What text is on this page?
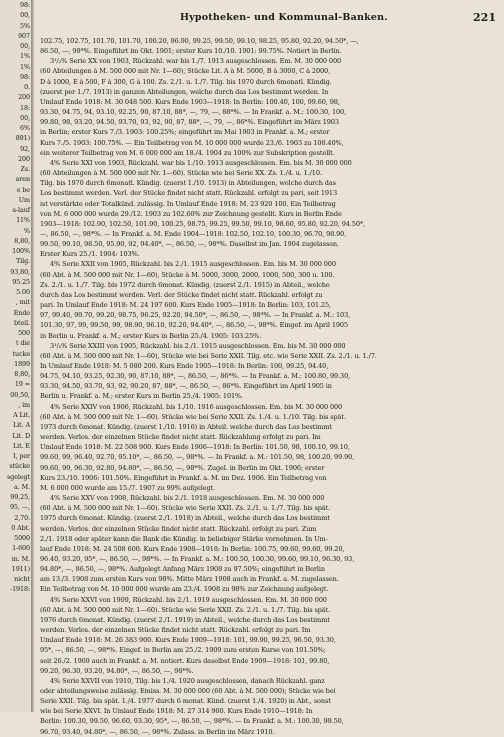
98:
00,
5%
907
00,
1%
1%
98:
0.
200
18:
00,
6%
891)
92,
200
Zs.
aren
e be
Um
a-lauf
11%
%
8,80,
100%
Tilg.
93,80,
95.25
5.00
, mit
Ende
bteil.
500
t die
tucke
1899
8,80,
19 =
00,50,
, im
A Lit.
Lit. A
Lit. D
Lit. E
I, per
stücke
sgelegt
a. M.
99,25,
95, —,
2,70.
0 Abt.
5000
1-600
m. M.
1911)
nicht
-1918:
Hypotheken- und Kommunal-Banken.	221
102.75, 102.75, 101.70, 101.70, 100.20, 96.90, 99.25, 99.50, 99.10, 98.25, 95.80, 92.20, 94.50*, —,
86.50, —, 98*%. Eingeführt im Okt. 1901; erster Kurs 10./10. 1901: 99.75%. Notiert in Berlin.
3¹/₂% Serie XX von 1903, Rückzahl. war bis 1./7. 1913 ausgeschlossen. Em. M. 30 000 000
(60 Abteilungen à M. 500 000 mit Nr. 1—60), Stücke Lit. A à M. 5000, B à 3000, C à 2000,
D à 1000, E à 500, F à 300, G à 100. Zs. 2./1. u. 1./7. Tilg. bis 1970 durch 6monatl. Kündig.
(zuerst per 1./7. 1913) in ganzen Abteilungen, welche durch das Los bestimmt werden. In
Umlauf Ende 1918: M. 30 048 500. Kurs Ende 1903—1918: In Berlin: 100.40, 100, 99.60, 98,
93.30, 94.75, 94, 93.10, 92.25, 90, 87.10, 88*, —, 79, —, 88*%. — In Frankf. a. M.: 100.30, 100,
99.80, 98, 93.20, 94.50, 93.70, 93, 92, 90, 87, 88*, —, 79, —, 86*%. Eingeführt im März 1903
in Berlin; erster Kurs 7./3. 1903: 100.25%; eingeführt im Mai 1903 in Frankf. a. M.; erster
Kurs 7./5. 1903: 100.75%. — Ein Teilbetrag von M. 10 000 000 wurde 23./6. 1903 zu 100.40%,
ein weiterer Teilbetrag von M. 6 000 000 am 18./4. 1904 zu 100% zur Subskription gestellt.
4% Serie XXI von 1903, Rückzahl. war bis 1./10. 1913 ausgeschlossen. Em. bis M. 30 000 000
(60 Abteilungen à M. 500 000 mit Nr. 1—60). Stücke wie bei Serie XX. Zs. 1./4. u. 1./10.
Tilg. bis 1970 durch 6monatl. Kündig. (zuerst 1./10. 1913) in Abteilungen, welche durch das
Los bestimmt werden. Verl. der Stücke findet nicht statt. Rückzahl. erfolgt zu pari, seit 1913
ist verstärkte oder Totalkünd. zulässig. In Umlauf Ende 1918: M. 23 920 100. Ein Teilbetrag
von M. 6 000 000 wurde 29./12. 1903 zu 102.60% zur Zeichnung gestellt. Kurs in Berlin Ende
1903—1918: 102.90, 102.50, 101.90, 100.25, 98.75, 99.25, 99.50, 99.10, 98.60, 95.80, 92.20, 94.50*,
—, 86.50, —, 98*%. — In Frankf. a. M. Ende 1904—1918: 102.50, 102.10, 100.30, 96.70, 98.90,
99.50, 99.10, 98.50, 95.90, 92, 94.40*, —, 86.50, —, 98*%. Daselbst im Jan. 1904 zugelassen.
Erster Kurs 25./1. 1904: 103%.
4% Serie XXII von 1905, Rückzahl. bis 2./1. 1915 ausgeschlossen. Em. bis M. 30 000 000
(60 Abt. à M. 500 000 mit Nr. 1—60), Stücke à M. 5000, 3000, 2000, 1000, 500, 300 u. 100.
Zs. 2./1. u. 1./7. Tilg. bis 1972 durch 6monat. Kündig. (zuerst 2./1. 1915) in Abteil., welche
durch das Los bestimmt werden. Verl. der Stücke findet nicht statt. Rückzahl. erfolgt zu
pari. In Umlauf Ende 1918: M. 24 197 600. Kurs Ende 1905—1918: In Berlin: 103, 101.25,
97, 99.40, 99.70, 99.20, 98.75, 96.25, 92.20, 94.50*, —, 86.50, —, 98*%. — In Frankf. a. M.: 103,
101.30, 97, 99, 99.50, 99, 98.90, 96.10, 92.20, 94.40*, —, 86.50, —, 98*%. Eingef. im April 1905
in Berlin u. Frankf. a. M.; erster Kurs in Berlin 25./4. 1905: 103.25%.
3¹/₂% Serie XXIII von 1905, Rückzahl. bis 2./1. 1915 ausgeschlossen. Em. bis M. 30 000 000
(60 Abt. à M. 500 000 mit Nr. 1—60), Stücke wie bei Serie XXII. Tilg. etc. wie Serie XXII. Zs. 2./1. u. 1./7.
In Umlauf Ende 1918: M. 5 080 200. Kurs Ende 1905—1918: In Berlin: 100, 99.25, 94.40,
94.75, 94.10, 93.25, 92.30, 90, 87.10, 88*, —, 86.50, —, 86*%. — In Frankf. a. M.: 100.80, 99.30,
93.30, 94.50, 93.70, 93, 92, 90.20, 87, 88*, —, 86.50, —, 86*%. Eingeführt im April 1905 in
Berlin u. Frankf. a. M.; erster Kurs in Berlin 25./4. 1905: 101%.
4% Serie XXIV von 1906, Rückzahl. bis 1./10. 1916 ausgeschlossen. Em. bis M. 30 000 000
(60 Abt. à M. 500 000 mit Nr. 1—60). Stücke wie bei Serie XXII. Zs. 1./4. u. 1./10. Tilg. bis spät.
1973 durch 6monat. Kündig. (zuerst 1./10. 1916) in Abteil. welche durch das Los bestimmt
werden. Verlos. der einzelnen Stücke findet nicht statt. Rückzahlung erfolgt zu pari. Im
Umlauf Ende 1918: M. 22 508 900. Kurs Ende 1906—1918: In Berlin: 101.50, 98, 100.10, 99.10,
99.60, 99, 96.40, 92.70, 95.10*, —, 86.50, —, 98*%. — In Frankf. a. M.: 101.50, 98, 100.20, 99.90,
99.60, 99, 96.30, 92.80, 94.80*, —, 86.50, —, 98*%. Zugel. in Berlin im Okt. 1906; erster
Kurs 23./10. 1906: 101.50%. Eingeführt in Frankf. a. M. im Dez. 1906. Ein Teilbetrag von
M. 6 000 000 wurde am 15./7. 1907 zu 99% aufgelegt.
4% Serie XXV von 1908, Rückzahl. bis 2./1. 1918 ausgeschlossen. Em. M. 30 000 000
(60 Abt. à M. 500 000 mit Nr. 1—60). Stücke wie Serie XXII. Zs. 2./1. u. 1./7. Tilg. bis spät.
1975 durch 6monat. Kündig. (zuerst 2./1. 1918) in Abteil., welche durch das Los bestimmt
werden. Verlos. der einzelnen Stücke findet nicht statt. Rückzahl. erfolgt zu pari. Zum
2./1. 1918 oder später kann die Bank die Kündig. in beliebiger Stärke vornehmen. In Um-
lauf Ende 1918: M. 24 508 600. Kurs Ende 1908—1918: In Berlin: 100.75, 99.60, 99.60, 99.20,
96.40, 93.20, 95*, —, 86.50, —, 98*%. — In Frankf. a. M.: 100.50, 100.30, 99.60, 99.10, 96.30, 93,
94.80*, —, 86.50, —, 98*%. Aufgelegt Anfang März 1908 zu 97.50%; eingeführt in Berlin
am 13./3. 1908 zum ersten Kurs von 98%. Mitte März 1908 auch in Frankf. a. M. zugelassen.
Ein Teilbetrag von M. 10 000 000 wurde am 23./4. 1908 zu 98% zur Zeichnung aufgelegt.
4% Serie XXVI von 1909, Rückzahl. bis 2./1. 1919 ausgeschlossen. Em. M. 30 000 000
(60 Abt. à M. 500 000 mit Nr. 1—60). Stücke wie Serie XXII. Zs. 2./1. u. 1./7. Tilg. bis spät.
1976 durch 6monat. Kündig. (zuerst 2./1. 1919) in Abteil., welche durch das Los bestimmt
werden. Verlos. der einzelnen Stücke findet nicht statt. Rückzahl. erfolgt zu pari. Im
Umlauf Ende 1918: M. 26 383 900. Kurs Ende 1909—1918: 101, 99.90, 99.25, 96.50, 93.30,
95*, —, 86.50, —, 98*%. Eingef. in Berlin am 25./2. 1909 zum ersten Kurse von 101.50%;
seit 26./2. 1909 auch in Frankf. a. M. notiert. Kurs daselbst Ende 1909—1918: 101, 99.80,
99.20, 96.30, 93.20, 94.80*, —, 86.50, —, 98*%.
4% Serie XXVII von 1910, Tilg. bis 1./4. 1920 ausgeschlossen, danach Rückzahl. ganz
oder abteilungsweise zulässig. Emiss. M. 30 000 000 (60 Abt. à M. 500 000); Stücke wie bei
Serie XXII. Tilg. bis spät. 1./4. 1977 durch 6 monat. Künd. (zuerst 1./4. 1920) in Abt., sonst
wie bei Serie XXVI. In Umlauf Ende 1918: M. 27 314 900. Kurs Ende 1910—1918: In
Berlin: 100.30, 99.50, 96.60, 93.30, 95*, —, 86.50, —, 98*%. — In Frankf. a. M.: 100.30, 99.50,
96.70, 93.40, 94.80*, —, 86.50, —, 98*%. Zulass. in Berlin im März 1910.
